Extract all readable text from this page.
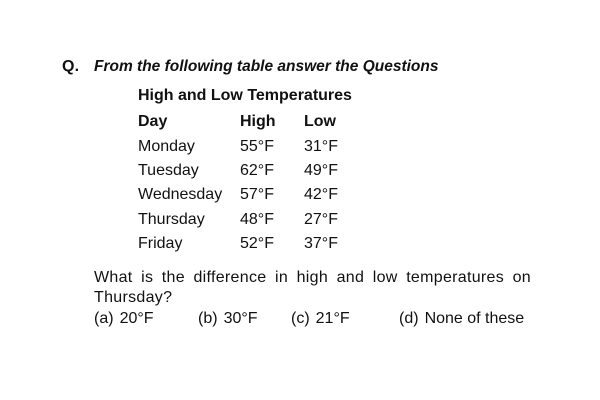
Q. From the following table answer the Questions
High and Low Temperatures
Day	High	Low
Monday	55°F	31°F
Tuesday	62°F	49°F
Wednesday	57°F	42°F
Thursday	48°F	27°F
Friday	52°F	37°F
What is the difference in high and low temperatures on Thursday?
(a) 20°F	(b) 30°F (c) 21°F	(d) None of these
